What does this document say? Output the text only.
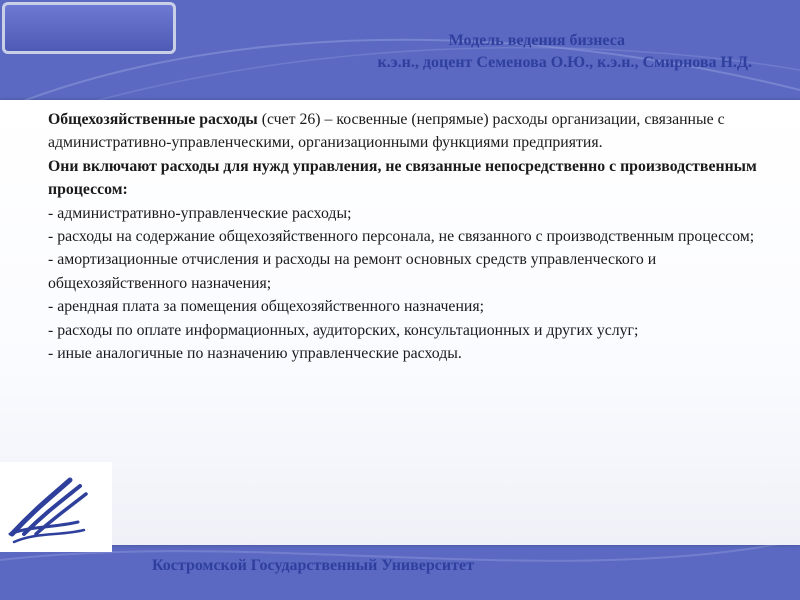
Модель ведения бизнеса

к.э.н., доцент Семенова О.Ю., к.э.н., Смирнова Н.Д.

Общехозяйственные расходы (счет 26) – косвенные (непрямые) расходы организации, связанные с административно-управленческими, организационными функциями предприятия.

Они включают расходы для нужд управления, не связанные непосредственно с производственным процессом:

- административно-управленческие расходы;
- расходы на содержание общехозяйственного персонала, не связанного с производственным процессом;
- амортизационные отчисления и расходы на ремонт основных средств управленческого и общехозяйственного назначения;
- арендная плата за помещения общехозяйственного назначения;
- расходы по оплате информационных, аудиторских, консультационных и других услуг;
- иные аналогичные по назначению управленческие расходы.

Костромской Государственный Университет
